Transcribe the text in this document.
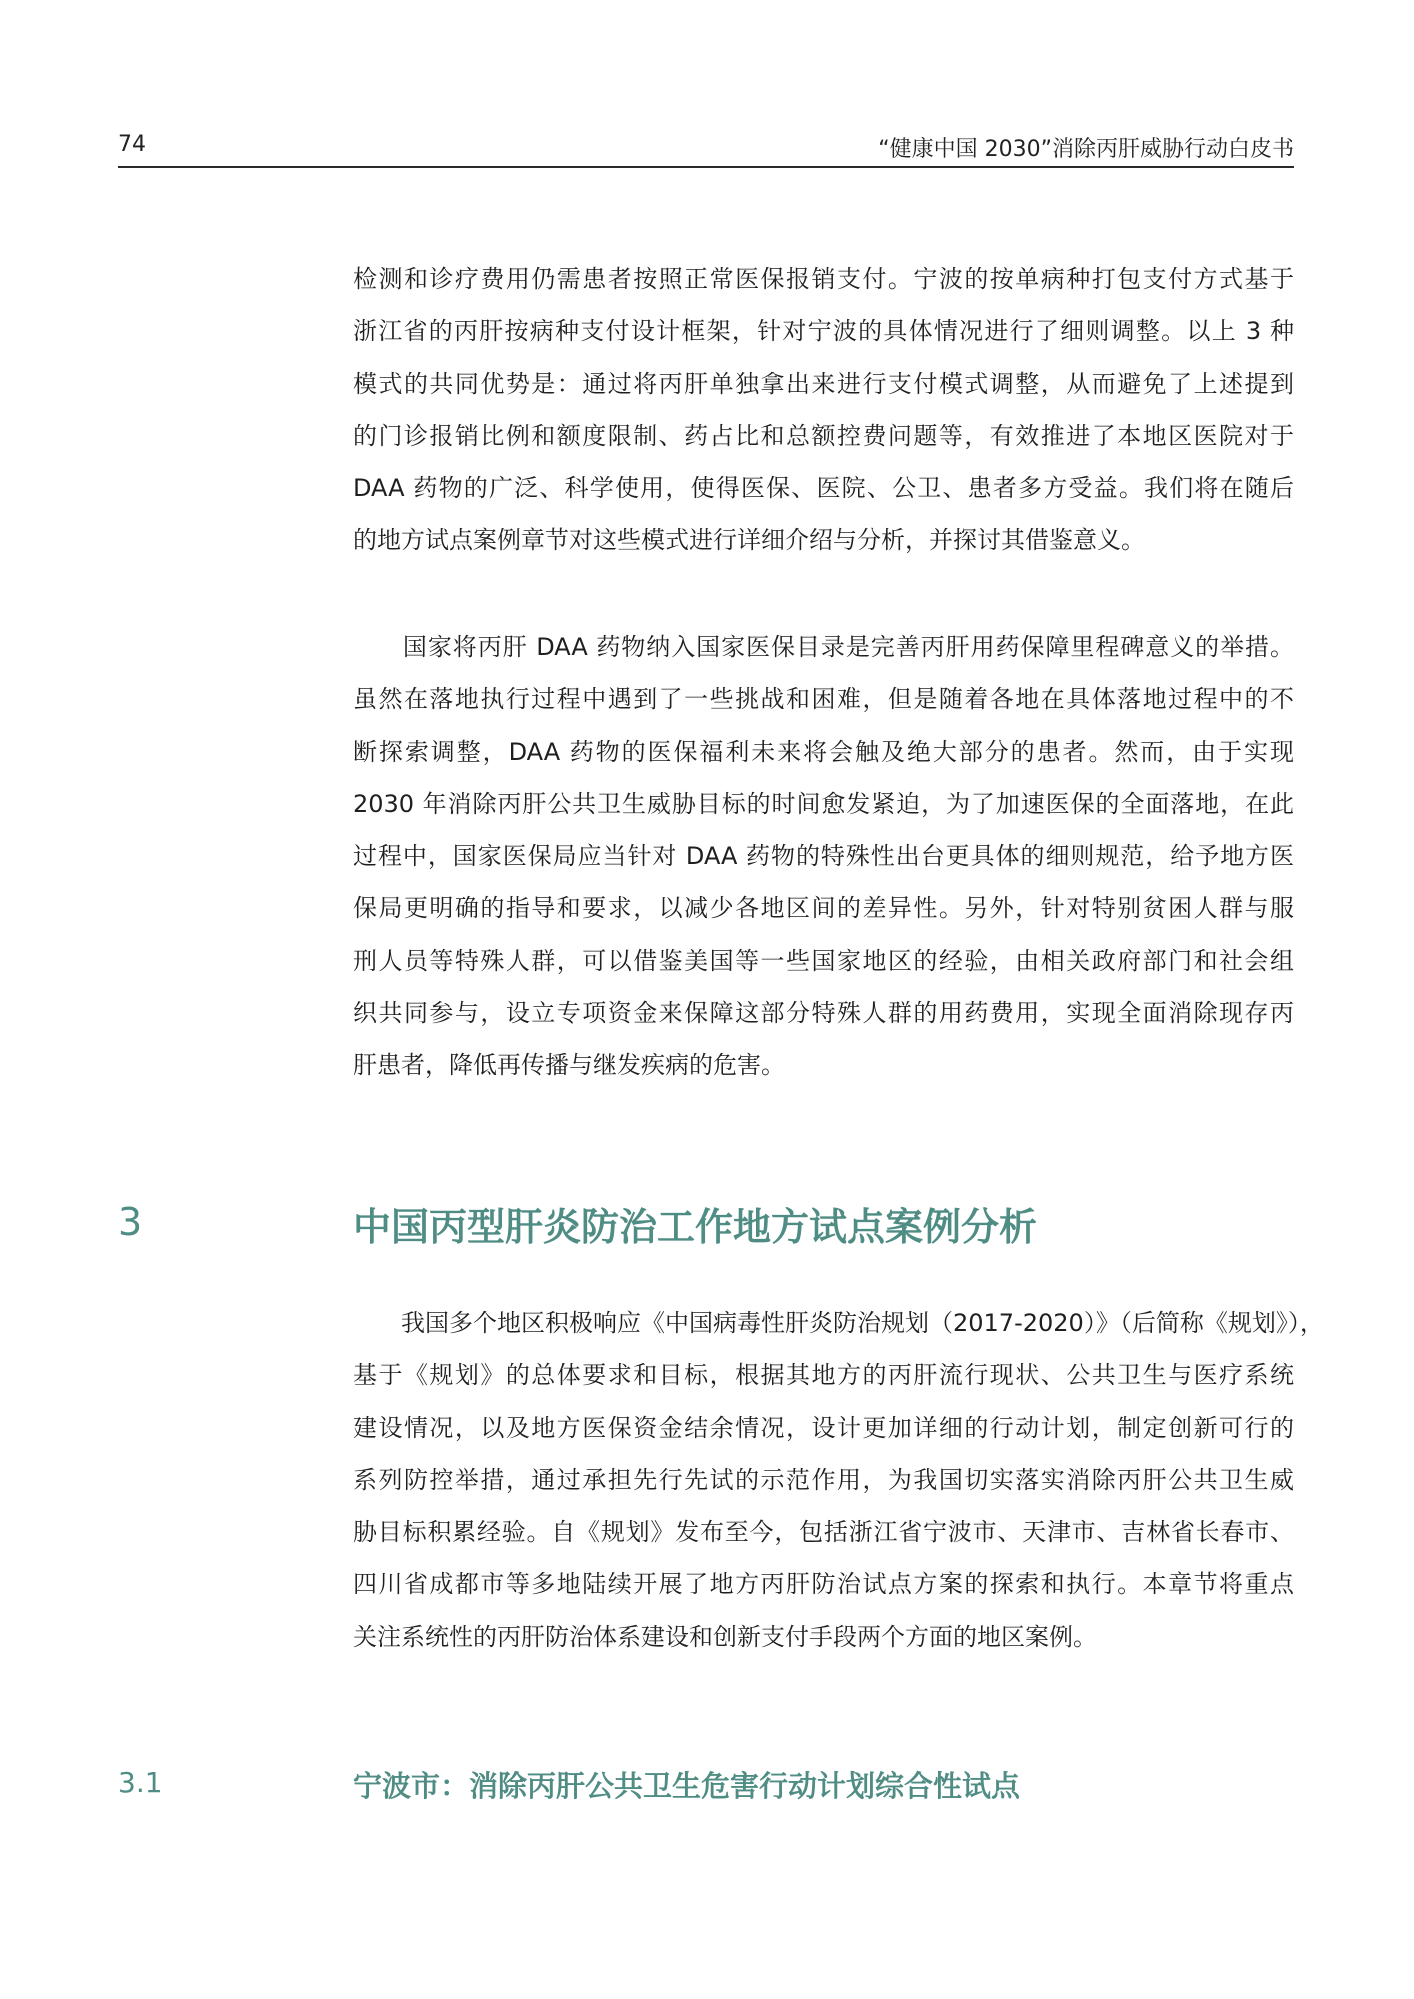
74	“健康中国 2030”消除丙肝威胁行动白皮书
检测和诊疗费用仍需患者按照正常医保报销支付。宁波的按单病种打包支付方式基于
浙江省的丙肝按病种支付设计框架，针对宁波的具体情况进行了细则调整。以上 3 种
模式的共同优势是：通过将丙肝单独拿出来进行支付模式调整，从而避免了上述提到
的门诊报销比例和额度限制、药占比和总额控费问题等，有效推进了本地区医院对于
DAA 药物的广泛、科学使用，使得医保、医院、公卫、患者多方受益。我们将在随后
的地方试点案例章节对这些模式进行详细介绍与分析，并探讨其借鉴意义。
　　国家将丙肝 DAA 药物纳入国家医保目录是完善丙肝用药保障里程碑意义的举措。
虽然在落地执行过程中遇到了一些挑战和困难，但是随着各地在具体落地过程中的不
断探索调整，DAA 药物的医保福利未来将会触及绝大部分的患者。然而，由于实现
2030 年消除丙肝公共卫生威胁目标的时间愈发紧迫，为了加速医保的全面落地，在此
过程中，国家医保局应当针对 DAA 药物的特殊性出台更具体的细则规范，给予地方医
保局更明确的指导和要求，以减少各地区间的差异性。另外，针对特别贫困人群与服
刑人员等特殊人群，可以借鉴美国等一些国家地区的经验，由相关政府部门和社会组
织共同参与，设立专项资金来保障这部分特殊人群的用药费用，实现全面消除现存丙
肝患者，降低再传播与继发疾病的危害。
3	中国丙型肝炎防治工作地方试点案例分析
　　我国多个地区积极响应《中国病毒性肝炎防治规划（2017-2020）》（后简称《规划》），
基于《规划》的总体要求和目标，根据其地方的丙肝流行现状、公共卫生与医疗系统
建设情况，以及地方医保资金结余情况，设计更加详细的行动计划，制定创新可行的
系列防控举措，通过承担先行先试的示范作用，为我国切实落实消除丙肝公共卫生威
胁目标积累经验。自《规划》发布至今，包括浙江省宁波市、天津市、吉林省长春市、
四川省成都市等多地陆续开展了地方丙肝防治试点方案的探索和执行。本章节将重点
关注系统性的丙肝防治体系建设和创新支付手段两个方面的地区案例。
3.1	宁波市：消除丙肝公共卫生危害行动计划综合性试点
